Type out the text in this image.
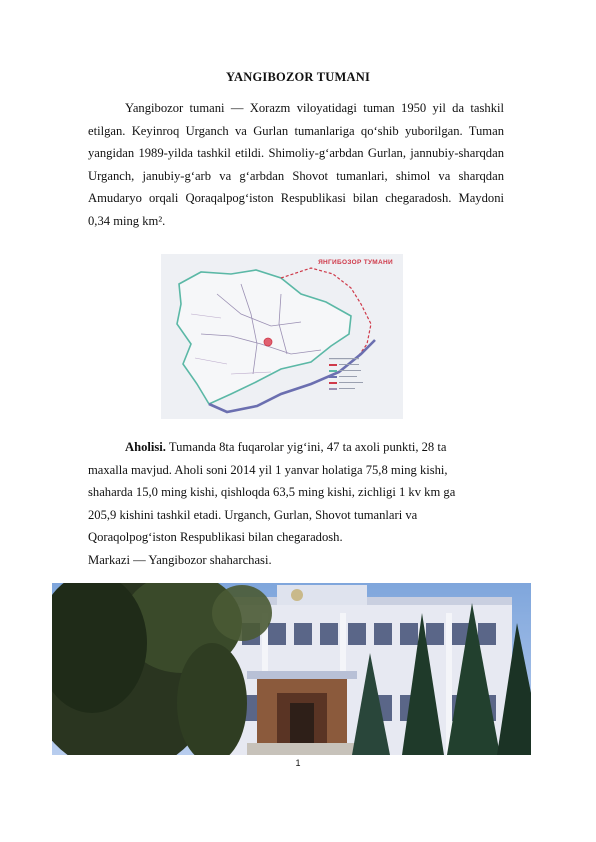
YANGIBOZOR TUMANI

Yangibozor tumani — Xorazm viloyatidagi tuman 1950 yil da tashkil etilgan. Keyinroq Urganch va Gurlan tumanlariga qo‘shib yuborilgan. Tuman yangidan 1989-yilda tashkil etildi. Shimoliy-g‘arbdan Gurlan, jannubiy-sharqdan Urganch, janubiy-g‘arb va g‘arbdan Shovot tumanlari, shimol va sharqdan Amudaryo orqali Qoraqalpog‘iston Respublikasi bilan chegaradosh. Maydoni 0,34 ming km².

ЯНГИБОЗОР ТУМАНИ
Aholisi. Tumanda 8ta fuqarolar yig‘ini, 47 ta axoli punkti, 28 ta
maxalla mavjud. Aholi soni 2014 yil 1 yanvar holatiga 75,8 ming kishi,
shaharda 15,0 ming kishi, qishloqda 63,5 ming kishi, zichligi 1 kv km ga
205,9 kishini tashkil etadi. Urganch, Gurlan, Shovot tumanlari va
Qoraqolpog‘iston Respublikasi bilan chegaradosh.
Markazi — Yangibozor shaharchasi.
1
